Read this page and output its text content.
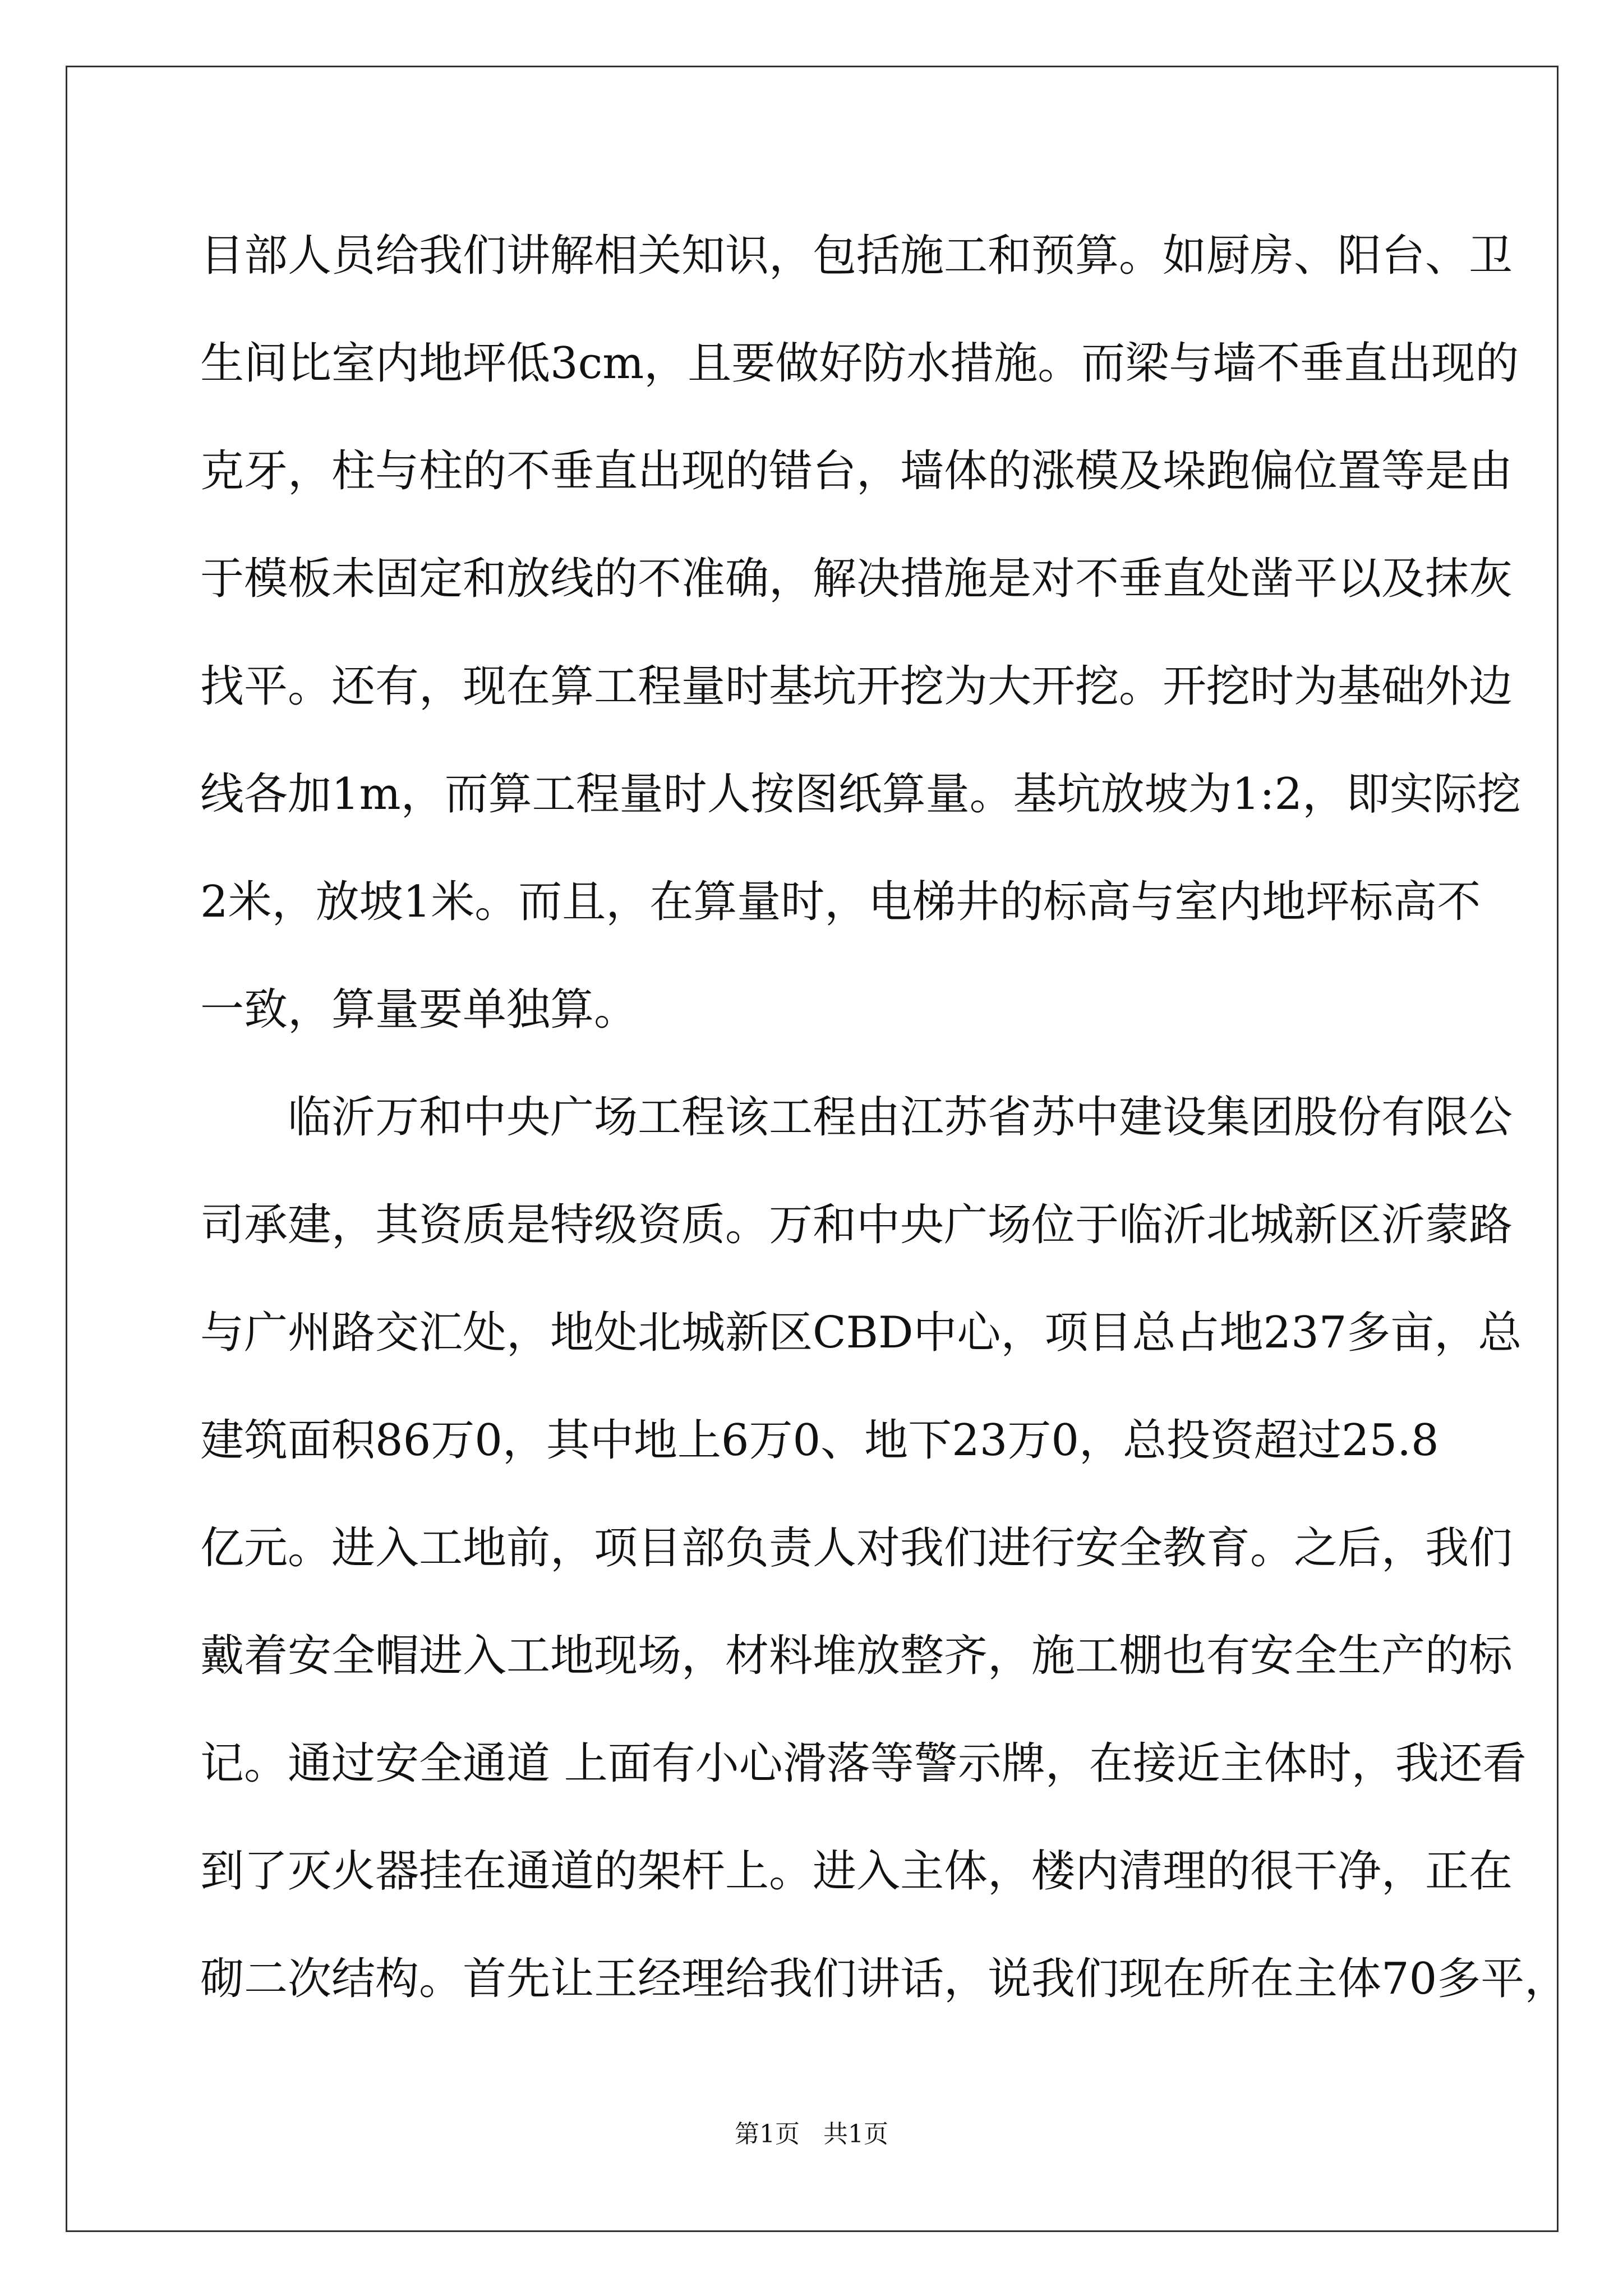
目部人员给我们讲解相关知识，包括施工和预算。如厨房、阳台、卫
生间比室内地坪低3cm，且要做好防水措施。而梁与墙不垂直出现的
克牙，柱与柱的不垂直出现的错台，墙体的涨模及垛跑偏位置等是由
于模板未固定和放线的不准确，解决措施是对不垂直处凿平以及抹灰
找平。还有，现在算工程量时基坑开挖为大开挖。开挖时为基础外边
线各加1m，而算工程量时人按图纸算量。基坑放坡为1:2，即实际挖
2米，放坡1米。而且，在算量时，电梯井的标高与室内地坪标高不
一致，算量要单独算。
临沂万和中央广场工程该工程由江苏省苏中建设集团股份有限公
司承建，其资质是特级资质。万和中央广场位于临沂北城新区沂蒙路
与广州路交汇处，地处北城新区CBD中心，项目总占地237多亩，总
建筑面积86万0，其中地上6万0、地下23万0，总投资超过25.8
亿元。进入工地前，项目部负责人对我们进行安全教育。之后，我们
戴着安全帽进入工地现场，材料堆放整齐，施工棚也有安全生产的标
记。通过安全通道 上面有小心滑落等警示牌，在接近主体时，我还看
到了灭火器挂在通道的架杆上。进入主体，楼内清理的很干净，正在
砌二次结构。首先让王经理给我们讲话，说我们现在所在主体70多平，
第1页   共1页
